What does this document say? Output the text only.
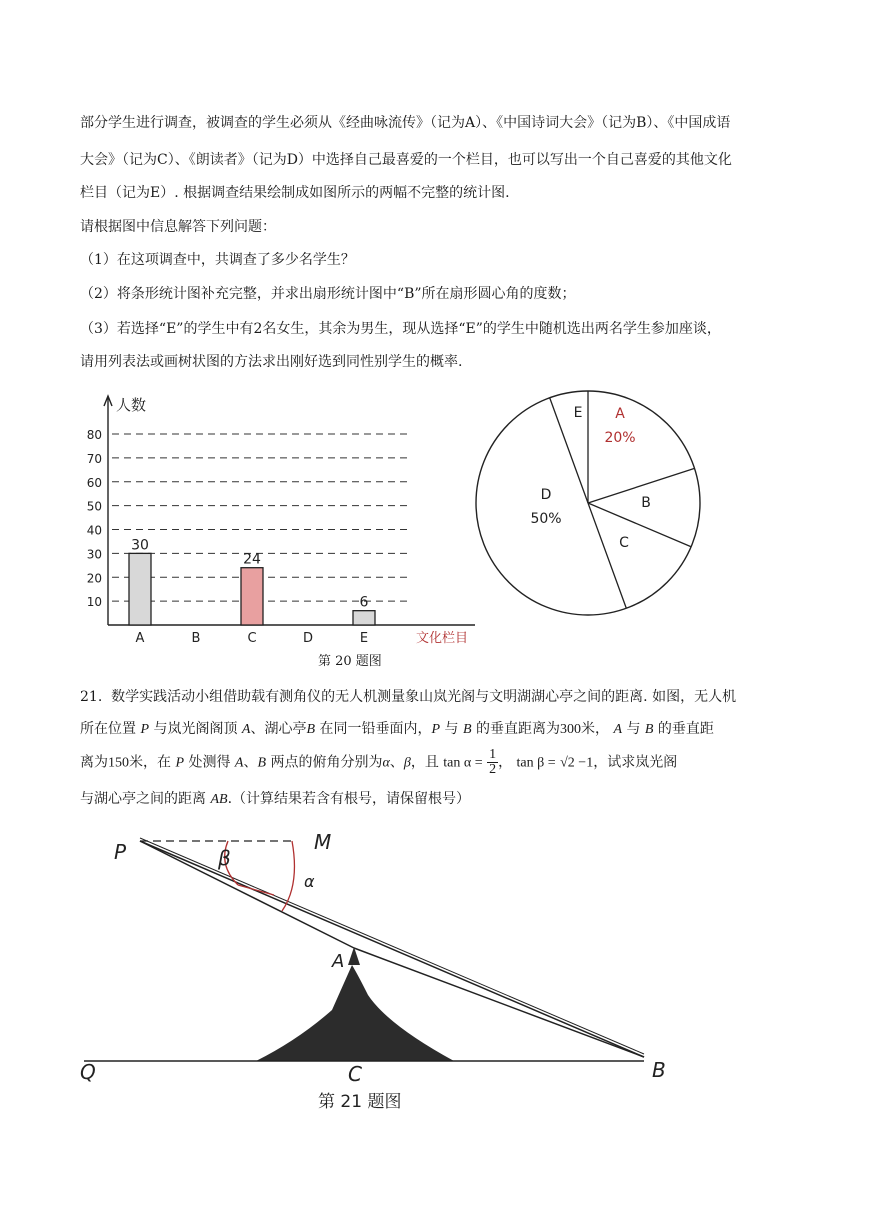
部分学生进行调查，被调查的学生必须从《经曲咏流传》（记为A）、《中国诗词大会》（记为B）、《中国成语
大会》（记为C）、《朗读者》（记为D）中选择自己最喜爱的一个栏目，也可以写出一个自己喜爱的其他文化
栏目（记为E）. 根据调查结果绘制成如图所示的两幅不完整的统计图.
请根据图中信息解答下列问题：
（1）在这项调查中，共调查了多少名学生？
（2）将条形统计图补充完整，并求出扇形统计图中“B”所在扇形圆心角的度数；
（3）若选择“E”的学生中有2名女生，其余为男生，现从选择“E”的学生中随机选出两名学生参加座谈，
请用列表法或画树状图的方法求出刚好选到同性别学生的概率.
人数
文化栏目
10
20
30
40
50
60
70
80
A
30
B	C
24
D	E
6
A
20%
B
C
D
50%
E
第 20 题图
21. 数学实践活动小组借助载有测角仪的无人机测量象山岚光阁与文明湖湖心亭之间的距离. 如图，无人机
所在位置 P 与岚光阁阁顶 A、湖心亭B 在同一铅垂面内，P 与 B 的垂直距离为300米， A 与 B 的垂直距
离为150米，在 P 处测得 A、B 两点的俯角分别为α、β，且 $\tan \alpha = \frac{1}{2}$ ， tan β = √2 −1，试求岚光阁
与湖心亭之间的距离 AB.（计算结果若含有根号，请保留根号）
P	M
A
Q	C	B
β
α
第 21 题图
